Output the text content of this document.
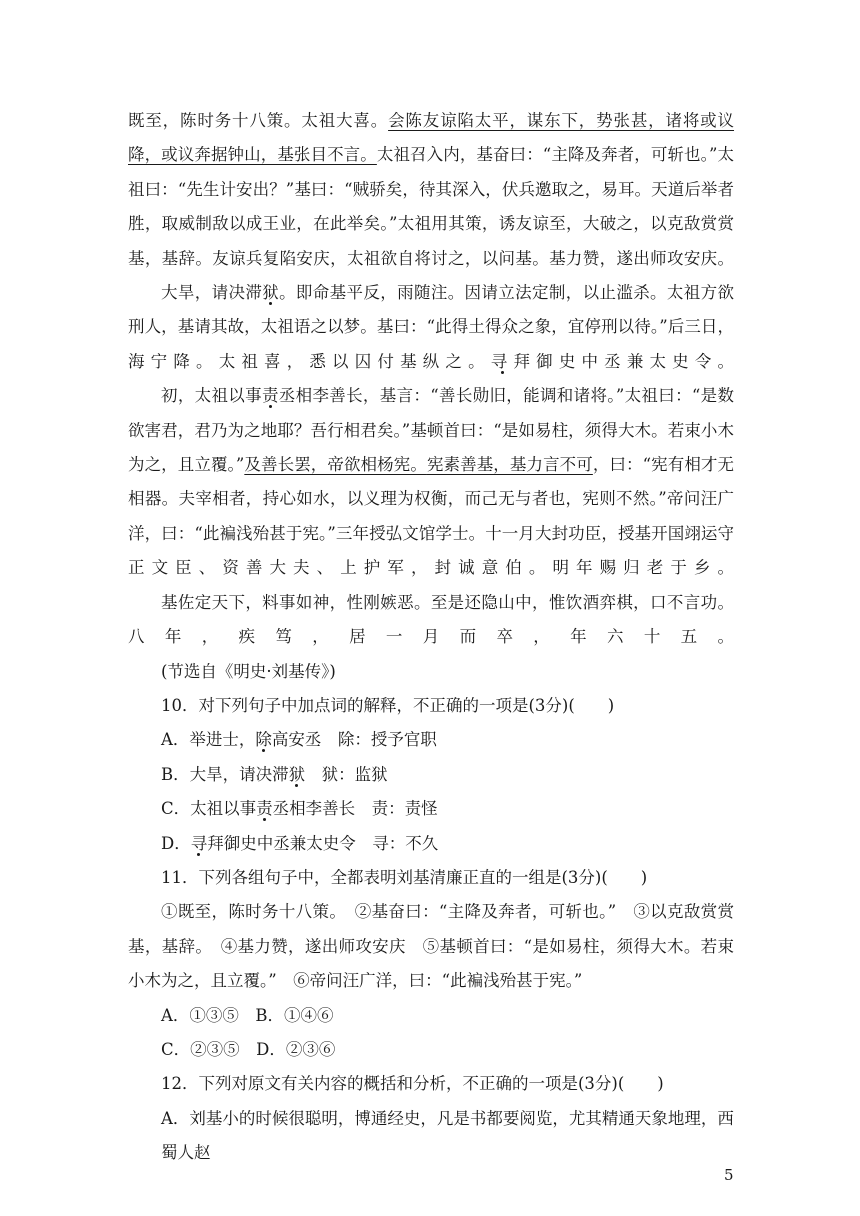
既至，陈时务十八策。太祖大喜。会陈友谅陷太平，谋东下，势张甚，诸将或议降，或议奔据钟山，基张目不言。太祖召入内，基奋曰：“主降及奔者，可斩也。”太祖曰：“先生计安出？”基曰：“贼骄矣，待其深入，伏兵邀取之，易耳。天道后举者胜，取威制敌以成王业，在此举矣。”太祖用其策，诱友谅至，大破之，以克敌赏赏基，基辞。友谅兵复陷安庆，太祖欲自将讨之，以问基。基力赞，遂出师攻安庆。

大旱，请决滞狱。即命基平反，雨随注。因请立法定制，以止滥杀。太祖方欲刑人，基请其故，太祖语之以梦。基曰：“此得土得众之象，宜停刑以待。”后三日，海宁降。太祖喜，悉以囚付基纵之。寻拜御史中丞兼太史令。

初，太祖以事责丞相李善长，基言：“善长勋旧，能调和诸将。”太祖曰：“是数欲害君，君乃为之地耶？吾行相君矣。”基顿首曰：“是如易柱，须得大木。若束小木为之，且立覆。”及善长罢，帝欲相杨宪。宪素善基，基力言不可，曰：“宪有相才无相器。夫宰相者，持心如水，以义理为权衡，而己无与者也，宪则不然。”帝问汪广洋，曰：“此褊浅殆甚于宪。”三年授弘文馆学士。十一月大封功臣，授基开国翊运守正文臣、资善大夫、上护军，封诚意伯。明年赐归老于乡。

基佐定天下，料事如神，性刚嫉恶。至是还隐山中，惟饮酒弈棋，口不言功。八年，疾笃，居一月而卒，年六十五。

(节选自《明史·刘基传》)

10．对下列句子中加点词的解释，不正确的一项是(3分)(　　)

A．举进士，除高安丞　除：授予官职

B．大旱，请决滞狱　狱：监狱

C．太祖以事责丞相李善长　责：责怪

D．寻拜御史中丞兼太史令　寻：不久

11．下列各组句子中，全都表明刘基清廉正直的一组是(3分)(　　)

①既至，陈时务十八策。　②基奋曰：“主降及奔者，可斩也。”　③以克敌赏赏基，基辞。　④基力赞，遂出师攻安庆　⑤基顿首曰：“是如易柱，须得大木。若束小木为之，且立覆。”　⑥帝问汪广洋，曰：“此褊浅殆甚于宪。”

A．①③⑤　B．①④⑥

C．②③⑤　D．②③⑥

12．下列对原文有关内容的概括和分析，不正确的一项是(3分)(　　)

A．刘基小的时候很聪明，博通经史，凡是书都要阅览，尤其精通天象地理，西蜀人赵

5
